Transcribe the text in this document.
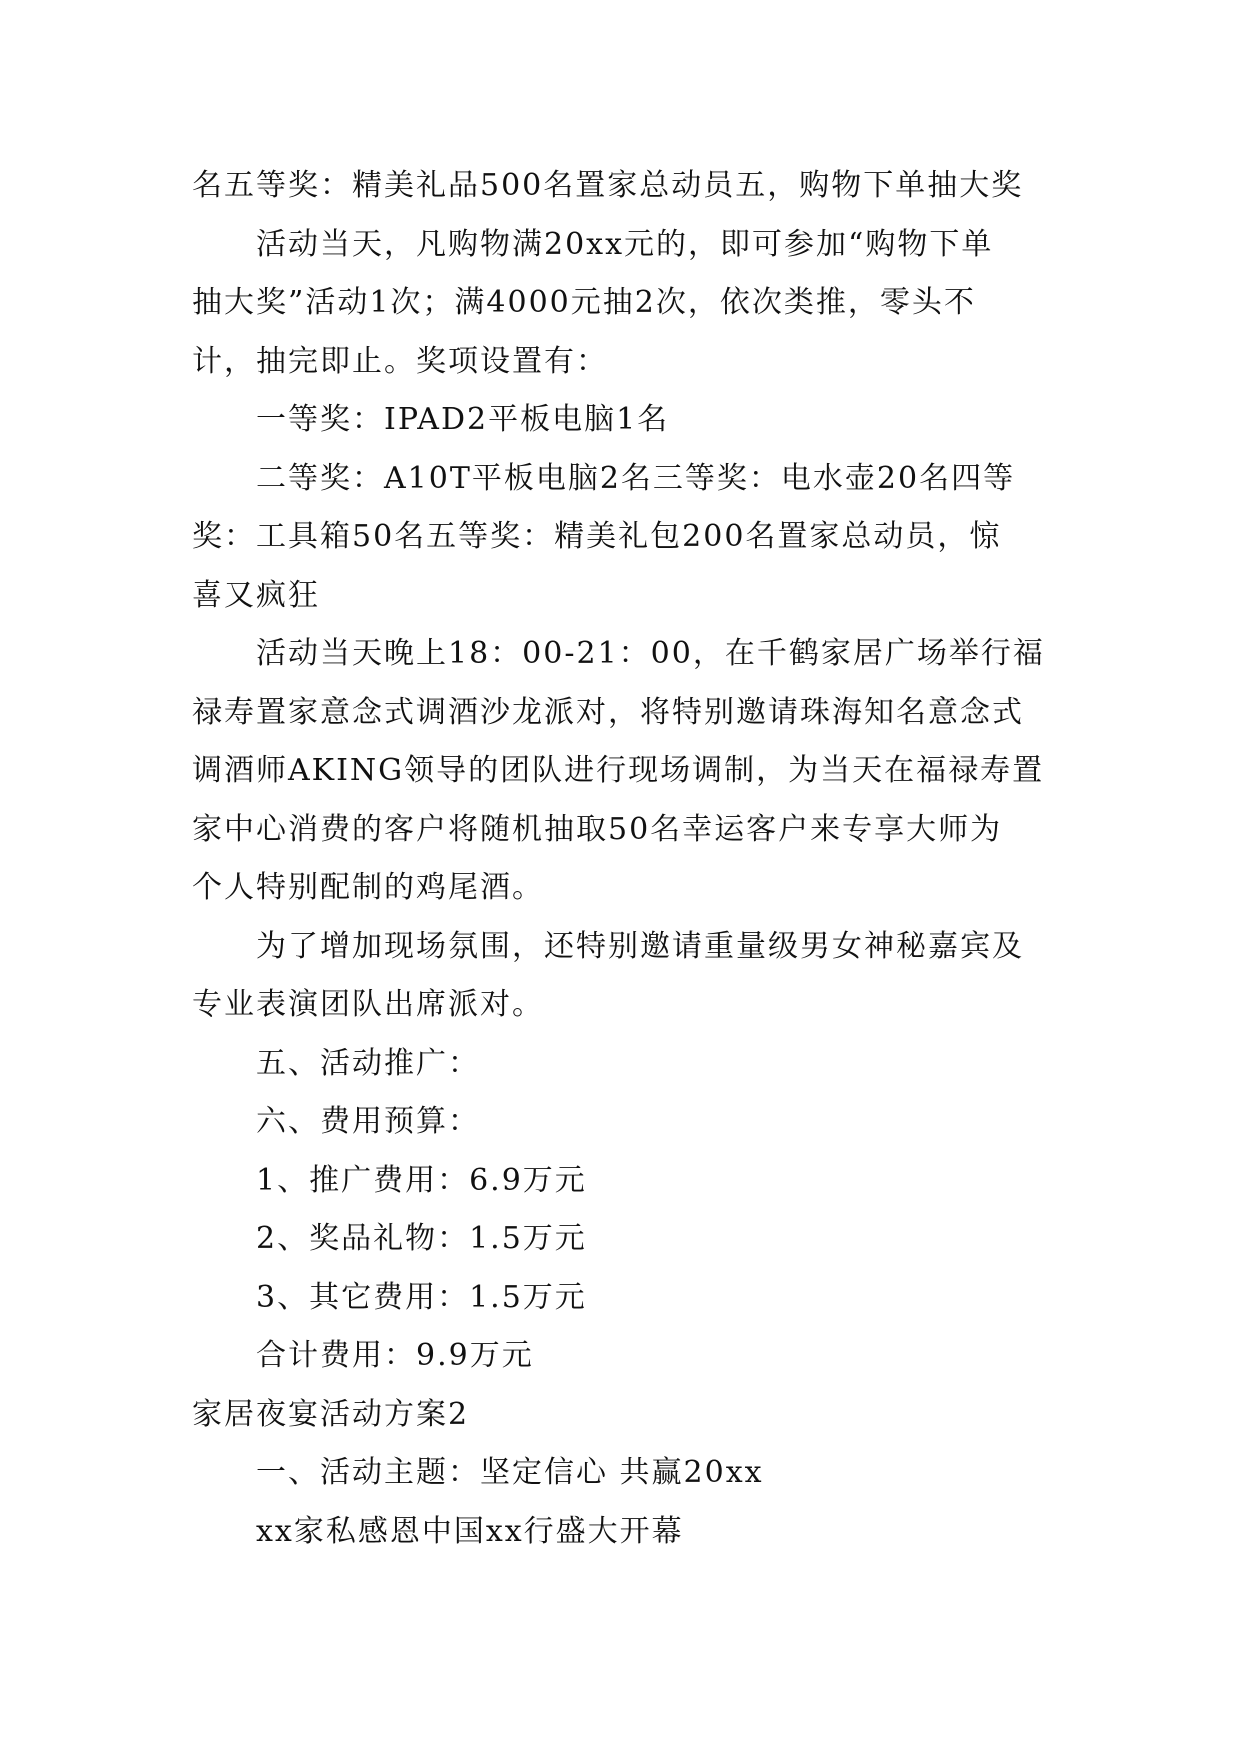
名五等奖：精美礼品500名置家总动员五，购物下单抽大奖
活动当天，凡购物满20xx元的，即可参加“购物下单
抽大奖”活动1次；满4000元抽2次，依次类推，零头不
计，抽完即止。奖项设置有：
一等奖：IPAD2平板电脑1名
二等奖：A10T平板电脑2名三等奖：电水壶20名四等
奖：工具箱50名五等奖：精美礼包200名置家总动员，惊
喜又疯狂
活动当天晚上18：00-21：00，在千鹤家居广场举行福
禄寿置家意念式调酒沙龙派对，将特别邀请珠海知名意念式
调酒师AKING领导的团队进行现场调制，为当天在福禄寿置
家中心消费的客户将随机抽取50名幸运客户来专享大师为
个人特别配制的鸡尾酒。
为了增加现场氛围，还特别邀请重量级男女神秘嘉宾及
专业表演团队出席派对。
五、活动推广：
六、费用预算：
1、推广费用：6.9万元
2、奖品礼物：1.5万元
3、其它费用：1.5万元
合计费用：9.9万元
家居夜宴活动方案2
一、活动主题：坚定信心 共赢20xx
xx家私感恩中国xx行盛大开幕
